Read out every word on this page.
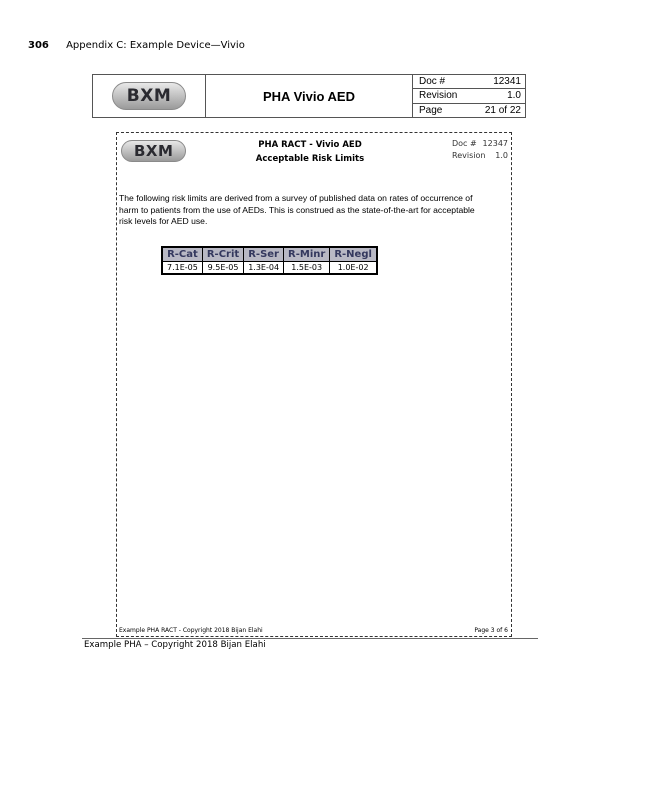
306 Appendix C: Example Device—Vivio
BXM	PHA Vivio AED
Doc #	12341
Revision	1.0
Page	21 of 22
BXM	PHA RACT - Vivio AED
Acceptable Risk Limits
Doc # 12347
Revision 1.0
The following risk limits are derived from a survey of published data on rates of occurrence of harm to patients from the use of AEDs. This is construed as the state-of-the-art for acceptable risk levels for AED use.
R-Cat	R-Crit	R-Ser	R-Minr	R-Negl
7.1E-05	9.5E-05	1.3E-04	1.5E-03	1.0E-02
Example PHA RACT - Copyright 2018 Bijan Elahi	Page 3 of 6
Example PHA – Copyright 2018 Bijan Elahi
